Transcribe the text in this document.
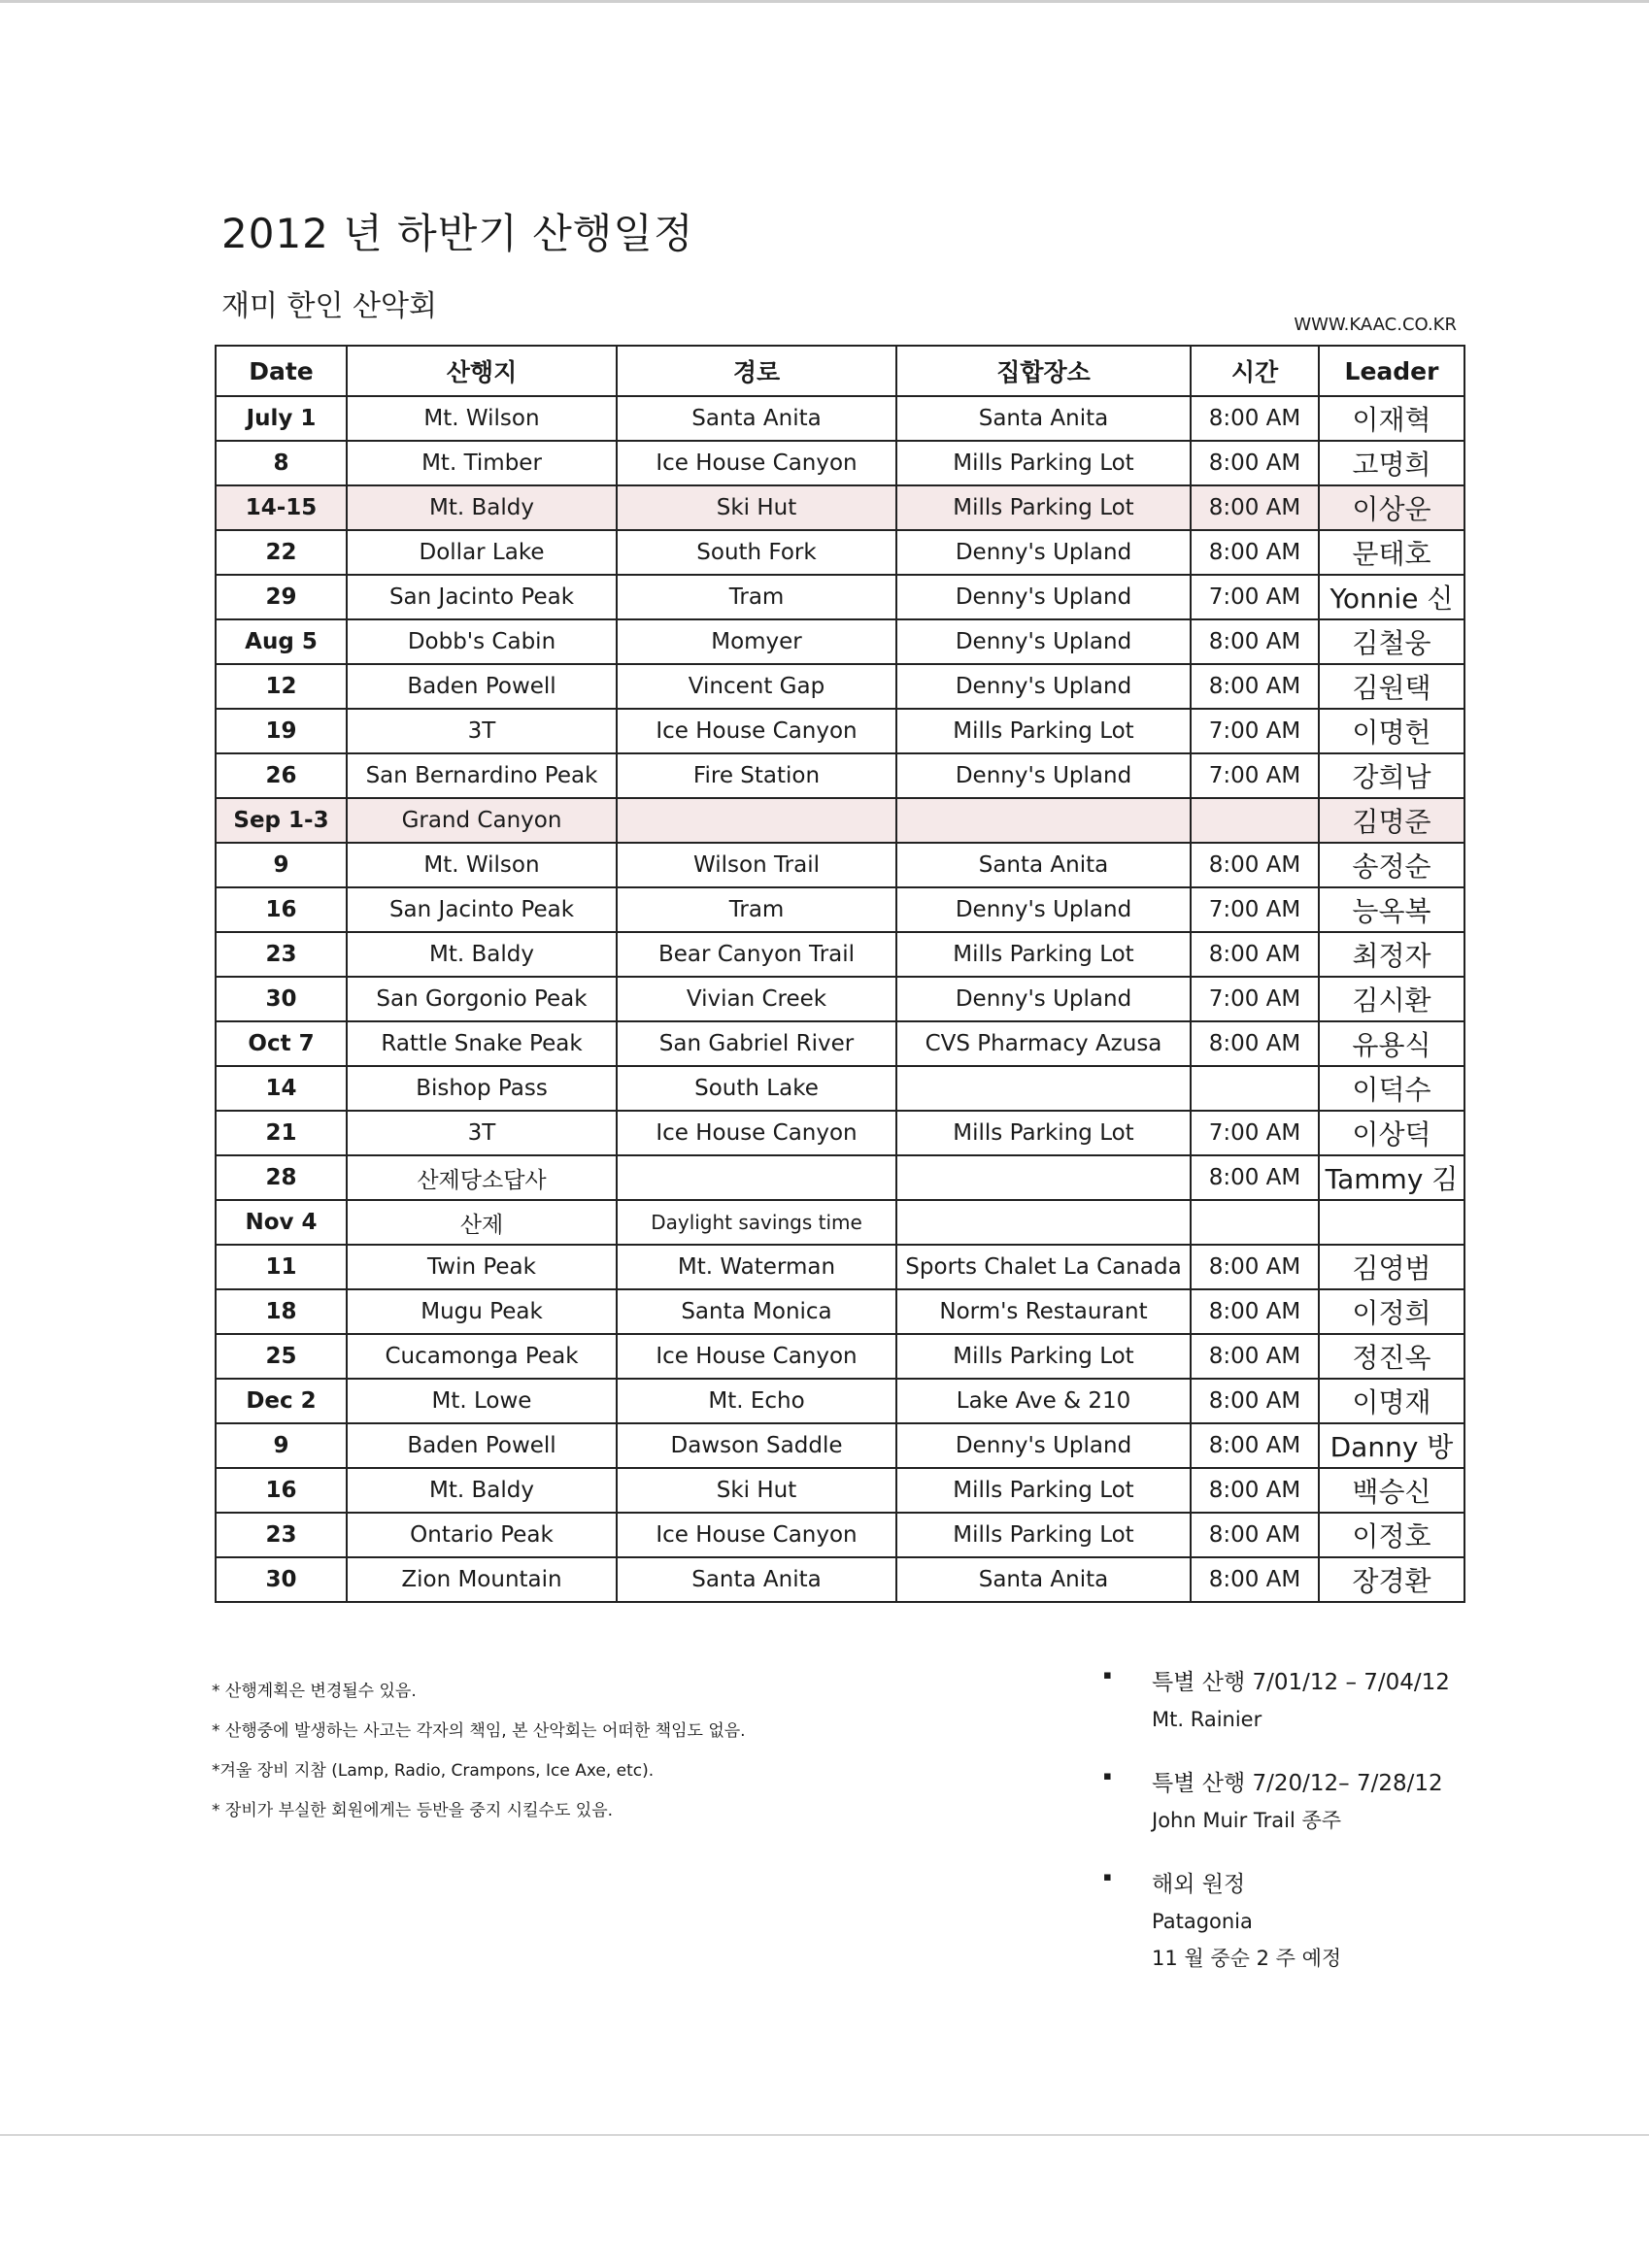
2012 년 하반기 산행일정
재미 한인 산악회
WWW.KAAC.CO.KR
Date	산행지	경로	집합장소	시간	Leader
July 1	Mt. Wilson	Santa Anita	Santa Anita	8:00 AM	이재혁
8	Mt. Timber	Ice House Canyon	Mills Parking Lot	8:00 AM	고명희
14-15	Mt. Baldy	Ski Hut	Mills Parking Lot	8:00 AM	이상운
22	Dollar Lake	South Fork	Denny's Upland	8:00 AM	문태호
29	San Jacinto Peak	Tram	Denny's Upland	7:00 AM	Yonnie 신
Aug 5	Dobb's Cabin	Momyer	Denny's Upland	8:00 AM	김철웅
12	Baden Powell	Vincent Gap	Denny's Upland	8:00 AM	김원택
19	3T	Ice House Canyon	Mills Parking Lot	7:00 AM	이명헌
26	San Bernardino Peak	Fire Station	Denny's Upland	7:00 AM	강희남
Sep 1-3	Grand Canyon				김명준
9	Mt. Wilson	Wilson Trail	Santa Anita	8:00 AM	송정순
16	San Jacinto Peak	Tram	Denny's Upland	7:00 AM	능옥복
23	Mt. Baldy	Bear Canyon Trail	Mills Parking Lot	8:00 AM	최정자
30	San Gorgonio Peak	Vivian Creek	Denny's Upland	7:00 AM	김시환
Oct 7	Rattle Snake Peak	San Gabriel River	CVS Pharmacy Azusa	8:00 AM	유용식
14	Bishop Pass	South Lake			이덕수
21	3T	Ice House Canyon	Mills Parking Lot	7:00 AM	이상덕
28	산제당소답사			8:00 AM	Tammy 김
Nov 4	산제	Daylight savings time			
11	Twin Peak	Mt. Waterman	Sports Chalet La Canada	8:00 AM	김영범
18	Mugu Peak	Santa Monica	Norm's Restaurant	8:00 AM	이정희
25	Cucamonga Peak	Ice House Canyon	Mills Parking Lot	8:00 AM	정진옥
Dec 2	Mt. Lowe	Mt. Echo	Lake Ave & 210	8:00 AM	이명재
9	Baden Powell	Dawson Saddle	Denny's Upland	8:00 AM	Danny 방
16	Mt. Baldy	Ski Hut	Mills Parking Lot	8:00 AM	백승신
23	Ontario Peak	Ice House Canyon	Mills Parking Lot	8:00 AM	이정호
30	Zion Mountain	Santa Anita	Santa Anita	8:00 AM	장경환
* 산행계획은 변경될수 있음.
* 산행중에 발생하는 사고는 각자의 책임, 본 산악회는 어떠한 책임도 없음.
*겨울 장비 지참 (Lamp, Radio, Crampons, Ice Axe, etc).
* 장비가 부실한 회원에게는 등반을 중지 시킬수도 있음.
▪ 특별 산행 7/01/12 – 7/04/12
Mt. Rainier
▪ 특별 산행 7/20/12– 7/28/12
John Muir Trail 종주
▪ 해외 원정
Patagonia
11 월 중순 2 주 예정
